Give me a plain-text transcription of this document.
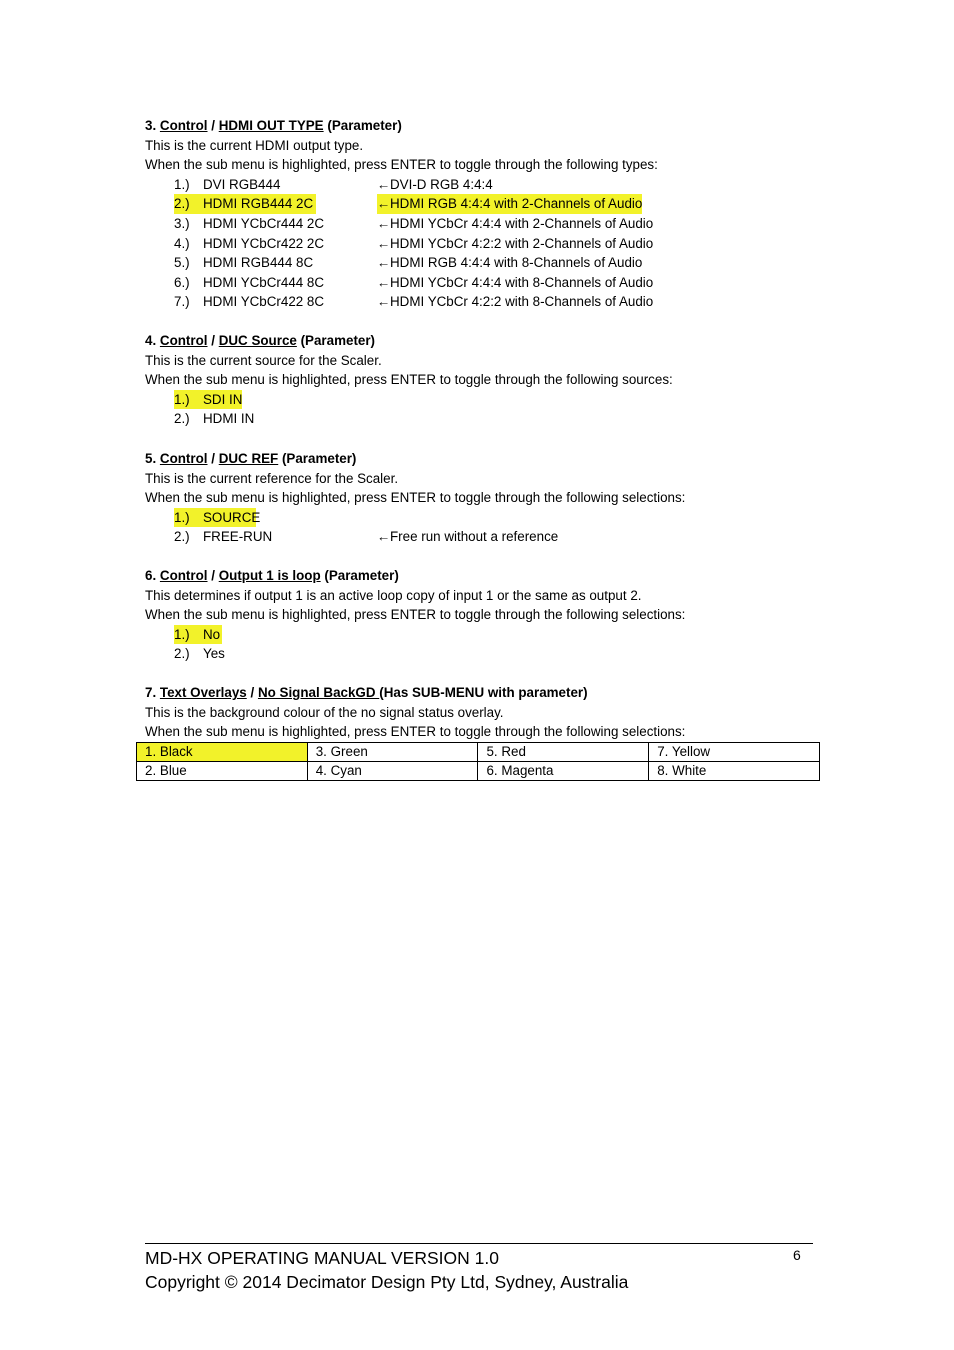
3. Control / HDMI OUT TYPE (Parameter)
This is the current HDMI output type.
When the sub menu is highlighted, press ENTER to toggle through the following types:
1.) DVI RGB444	←DVI-D RGB 4:4:4
2.) HDMI RGB444 2C	←HDMI RGB 4:4:4 with 2-Channels of Audio
3.) HDMI YCbCr444 2C	←HDMI YCbCr 4:4:4 with 2-Channels of Audio
4.) HDMI YCbCr422 2C	←HDMI YCbCr 4:2:2 with 2-Channels of Audio
5.) HDMI RGB444 8C	←HDMI RGB 4:4:4 with 8-Channels of Audio
6.) HDMI YCbCr444 8C	←HDMI YCbCr 4:4:4 with 8-Channels of Audio
7.) HDMI YCbCr422 8C	←HDMI YCbCr 4:2:2 with 8-Channels of Audio
4. Control / DUC Source (Parameter)
This is the current source for the Scaler.
When the sub menu is highlighted, press ENTER to toggle through the following sources:
1.) SDI IN
2.) HDMI IN
5. Control / DUC REF (Parameter)
This is the current reference for the Scaler.
When the sub menu is highlighted, press ENTER to toggle through the following selections:
1.) SOURCE
2.) FREE-RUN	←Free run without a reference
6. Control / Output 1 is loop (Parameter)
This determines if output 1 is an active loop copy of input 1 or the same as output 2.
When the sub menu is highlighted, press ENTER to toggle through the following selections:
1.) No
2.) Yes
7. Text Overlays / No Signal BackGD (Has SUB-MENU with parameter)
This is the background colour of the no signal status overlay.
When the sub menu is highlighted, press ENTER to toggle through the following selections:
1. Black	3. Green	5. Red	7. Yellow
2. Blue	4. Cyan	6. Magenta	8. White
MD-HX OPERATING MANUAL VERSION 1.0
Copyright © 2014 Decimator Design Pty Ltd, Sydney, Australia
6
